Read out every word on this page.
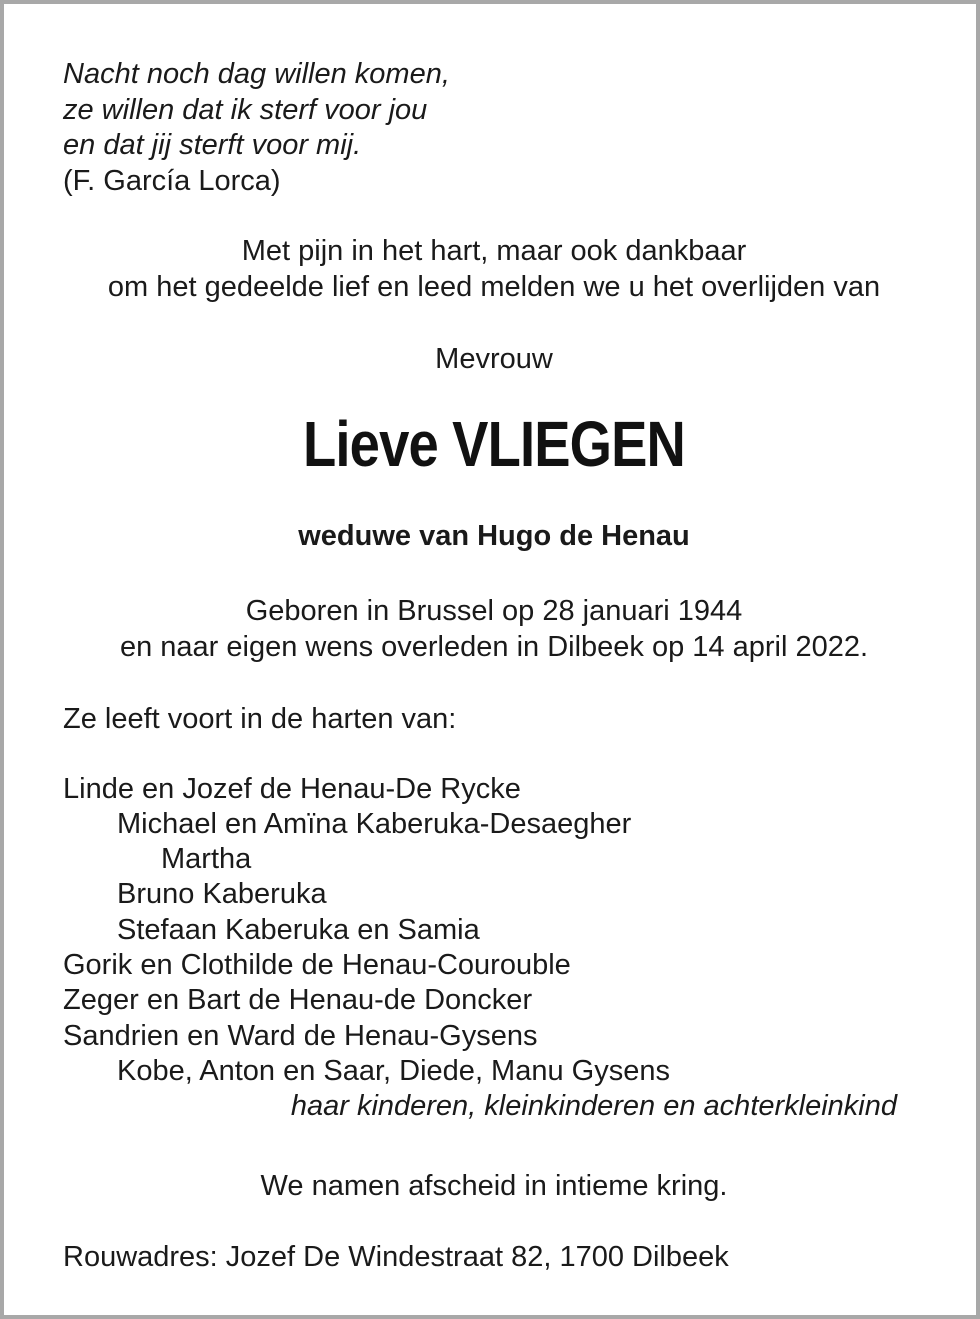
Nacht noch dag willen komen,
ze willen dat ik sterf voor jou
en dat jij sterft voor mij.
(F. García Lorca)
Met pijn in het hart, maar ook dankbaar
om het gedeelde lief en leed melden we u het overlijden van
Mevrouw
Lieve VLIEGEN
weduwe van Hugo de Henau
Geboren in Brussel op 28 januari 1944
en naar eigen wens overleden in Dilbeek op 14 april 2022.
Ze leeft voort in de harten van:
Linde en Jozef de Henau-De Rycke
Michael en Amïna Kaberuka-Desaegher
Martha
Bruno Kaberuka
Stefaan Kaberuka en Samia
Gorik en Clothilde de Henau-Courouble
Zeger en Bart de Henau-de Doncker
Sandrien en Ward de Henau-Gysens
Kobe, Anton en Saar, Diede, Manu Gysens
haar kinderen, kleinkinderen en achterkleinkind
We namen afscheid in intieme kring.
Rouwadres: Jozef De Windestraat 82, 1700 Dilbeek
